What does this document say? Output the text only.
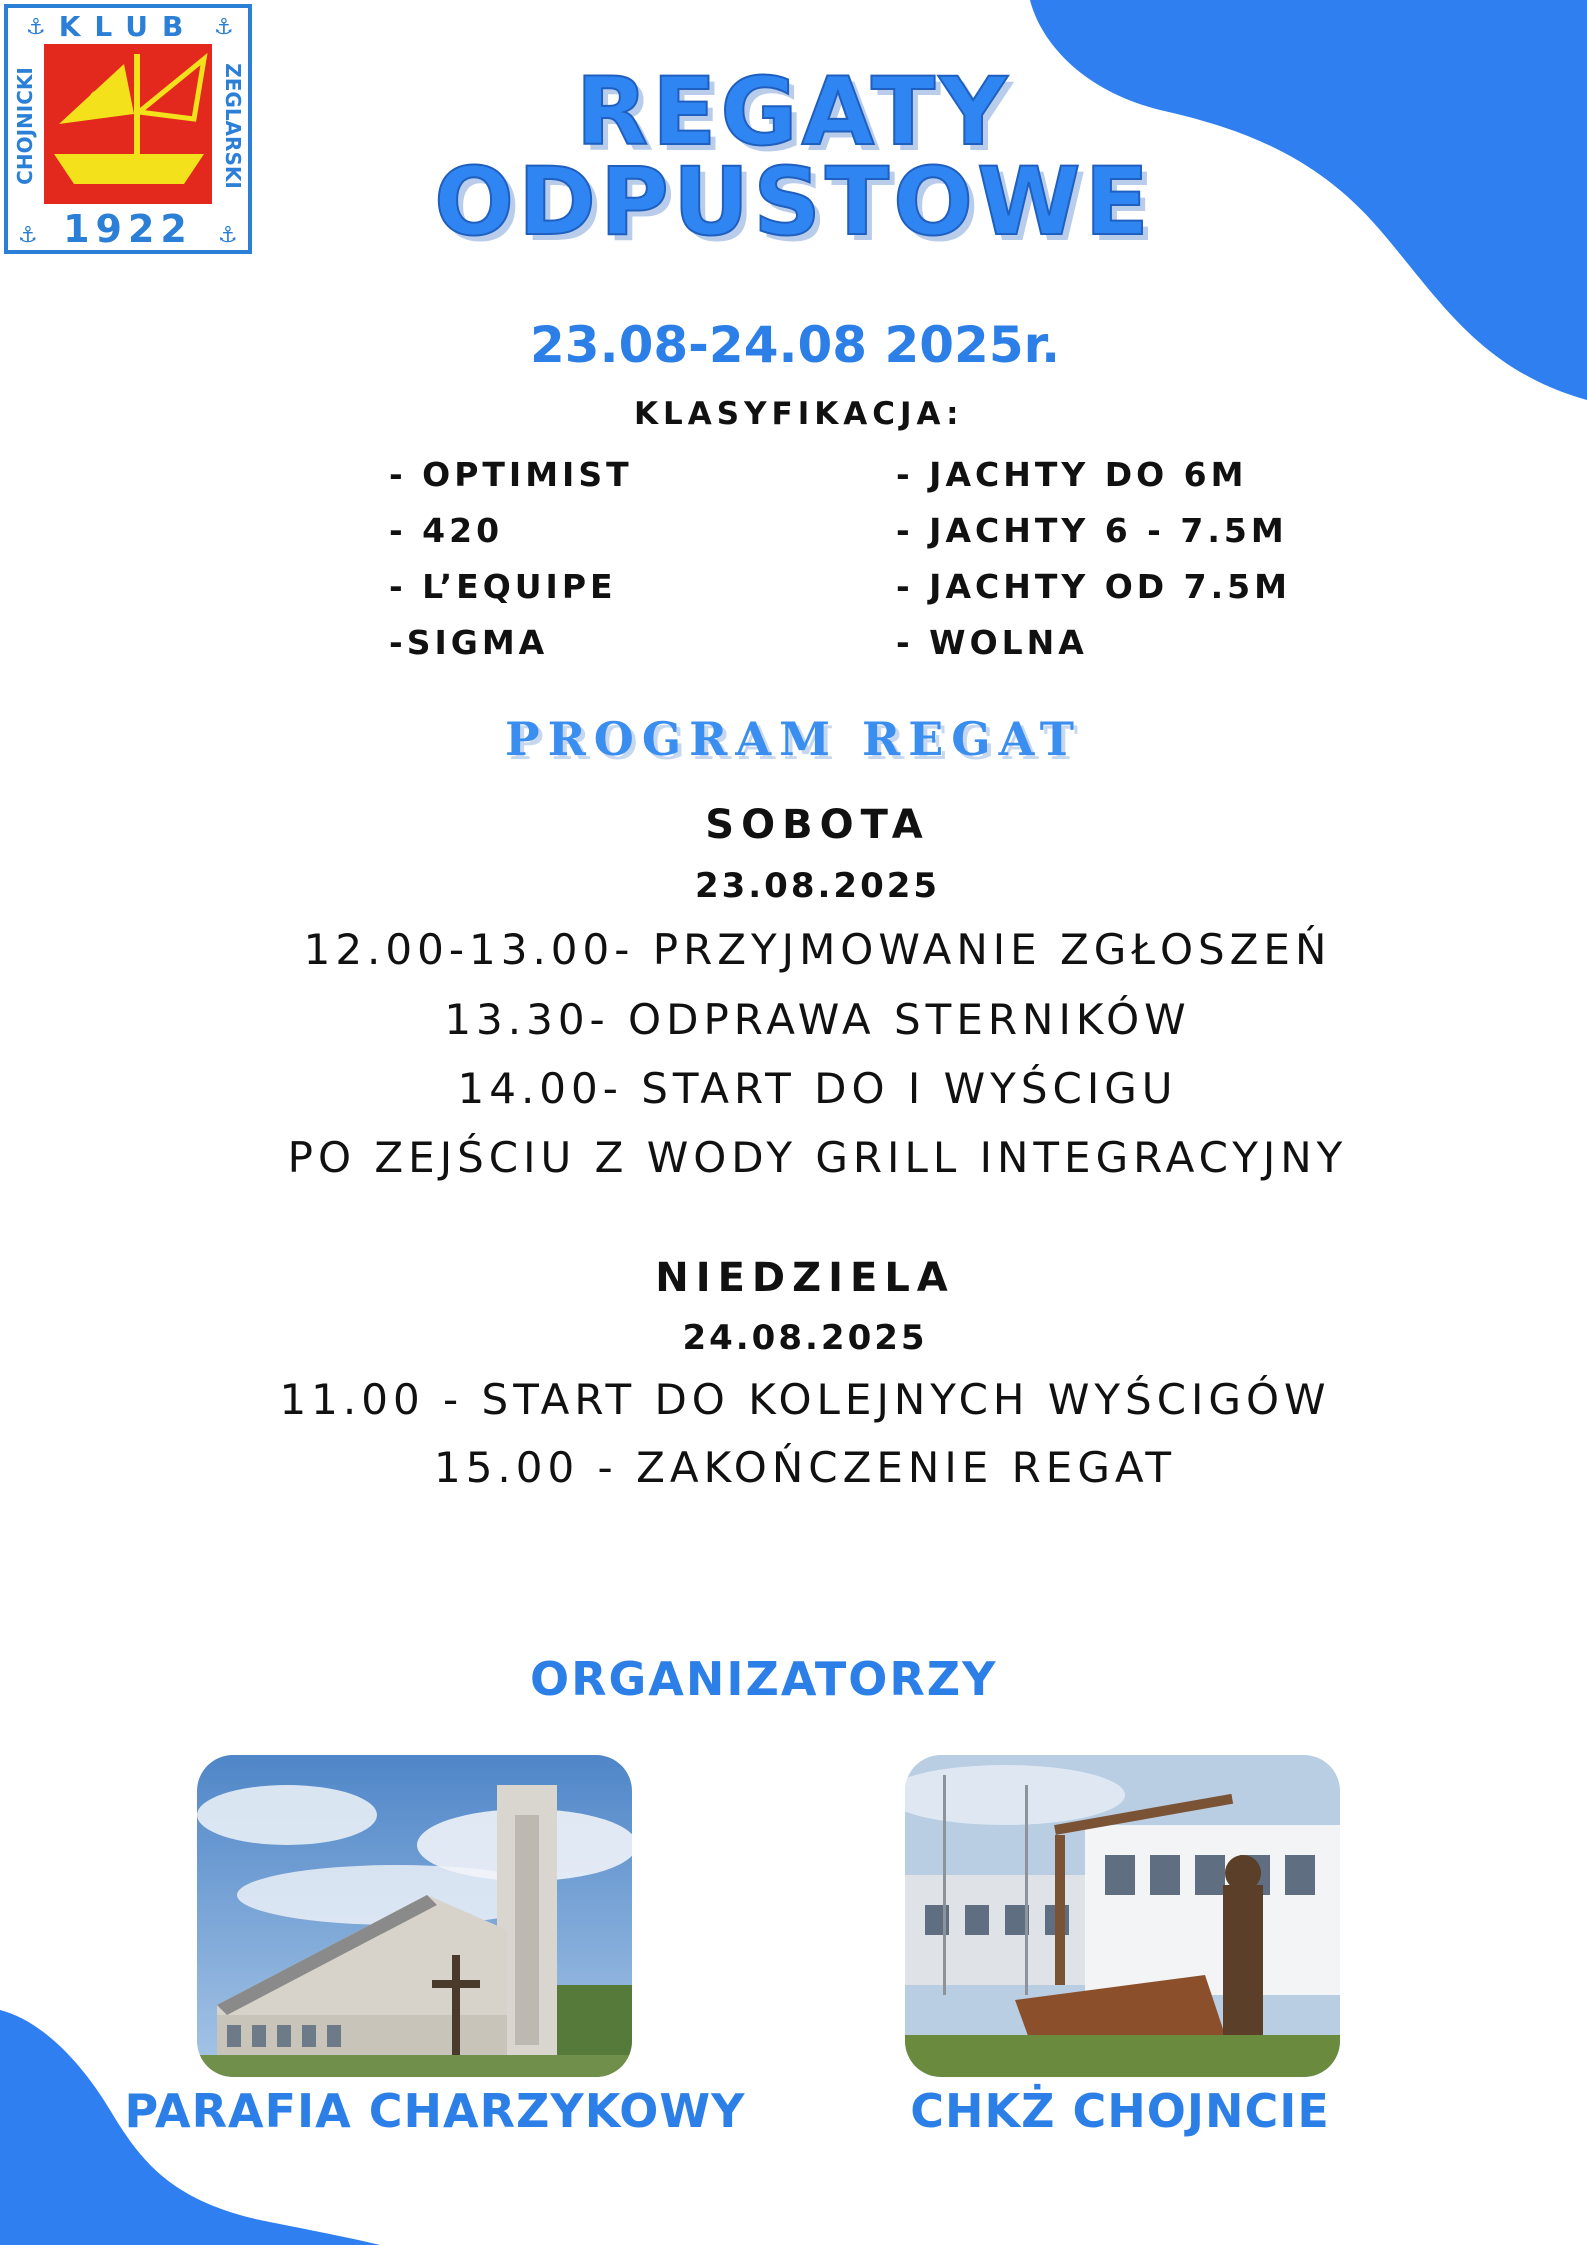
⚓	⚓
⚓	⚓
KLUB
1922
CHOJNICKI	ZEGLARSKI	REGATY
ODPUSTOWE
23.08-24.08 2025r.
KLASYFIKACJA:
- OPTIMIST
- 420
- L’EQUIPE
-SIGMA
- JACHTY DO 6M
- JACHTY 6 - 7.5M
- JACHTY OD 7.5M
- WOLNA
PROGRAM REGAT
SOBOTA
23.08.2025
12.00-13.00- PRZYJMOWANIE ZGŁOSZEŃ
13.30- ODPRAWA STERNIKÓW
14.00- START DO I WYŚCIGU
PO ZEJŚCIU Z WODY GRILL INTEGRACYJNY
NIEDZIELA
24.08.2025
11.00 - START DO KOLEJNYCH WYŚCIGÓW
15.00 - ZAKOŃCZENIE REGAT
ORGANIZATORZY
PARAFIA CHARZYKOWY	CHKŻ CHOJNCIE
